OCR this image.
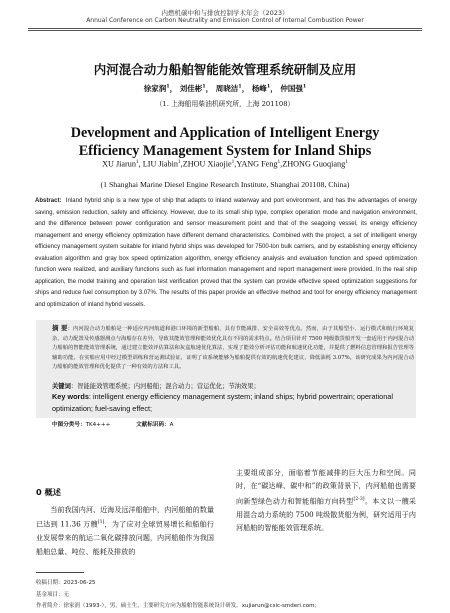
内燃机碳中和与排放控制学术年会（2023）
Annual Conference on Carbon Neutrality and Emission Control of Internal Combustion Power
内河混合动力船舶智能能效管理系统研制及应用
徐家润$^1$， 刘佳彬$^1$， 周晓洁$^1$， 杨峰$^1$， 仲国强$^1$
（1. 上海船用柴油机研究所，上海 201108）
Development and Application of Intelligent Energy
Efficiency Management System for Inland Ships
XU Jiarun$^1$, LIU Jiabin$^1$,ZHOU Xiaojie$^1$,YANG Feng$^1$,ZHONG Guoqiang$^1$
(1 Shanghai Marine Diesel Engine Research Institute, Shanghai 201108, China)
Abstract: Inland hybrid ship is a new type of ship that adapts to inland waterway and port environment, and has the advantages of energy saving, emission reduction, safety and efficiency. However, due to its small ship type, complex operation mode and navigation environment, and the difference between power configuration and sensor measurement point and that of the seagoing vessel, its energy efficiency management and energy efficiency optimization have different demand characteristics. Combined with the project, a set of intelligent energy efficiency management system suitable for inland hybrid ships was developed for 7500-ton bulk carriers, and by establishing energy efficiency evaluation algorithm and gray box speed optimization algorithm, energy efficiency analysis and evaluation function and speed optimization function were realized, and auxiliary functions such as fuel information management and report management were provided. In the real ship application, the model training and operation test verification proved that the system can provide effective speed optimization suggestions for ships and reduce fuel consumption by 3.07%. The results of this paper provide an effective method and tool for energy efficiency management and optimization of inland hybrid vessels.
摘 要：内河混合动力船舶是一种适应内河航道和港口环境的新型船舶，具有节能减排、安全高效等优点。然而，由于其船型小、运行模式和航行环境复杂、动力配置及传感器测点与海船存在差异，导致其能效管理和能效优化具有不同的需求特点。结合项目针对 7500 吨级散货船开发一套适用于内河混合动力船舶的智能能效管理系统，通过建立能效评估算法和灰盒航速优化算法，实现了能效分析评估功能和航速优化功能，并提供了燃料信息管理和报告管理等辅助功能。在实船应用中经过模型训练和营运测试验证，证明了该系统能够为船舶提供有效的航速优化建议，降低油耗 3.07%。该研究成果为内河混合动力船舶的能效管理和优化提供了一种有效的方法和工具。
关键词：智能能效管理系统；内河船舶；混合动力；营运优化；节油效果；
Key words: intelligent energy efficiency management system; inland ships; hybrid powertrain; operational optimization; fuel-saving effect;
中图分类号：TK4+++	文献标识码：A
0 概述
  当前我国内河、近海及远洋船舶中，内河船舶的数量已达到 11.36 万艘[1]，为了应对全球贸易增长和船舶行业发展带来的航运二氧化碳排放问题，内河船舶作为我国船舶总量、吨位、能耗及排放的
主要组成部分，面临着节能减排的巨大压力和空间。同时，在“碳达峰、碳中和”的政策背景下，内河船舶也需要向新型绿色动力和智能船舶方向转型[2-3]。本文以一艘采用混合动力系统的 7500 吨级散货船为例，研究适用于内河船舶的智能能效管理系统。
收稿日期：2023-06-25
基金项目：无
作者简介：徐家润（1993-），男，硕士生，主要研究方向为船舶智能系统设计研发。xujiarun@csic-smderi.com；
